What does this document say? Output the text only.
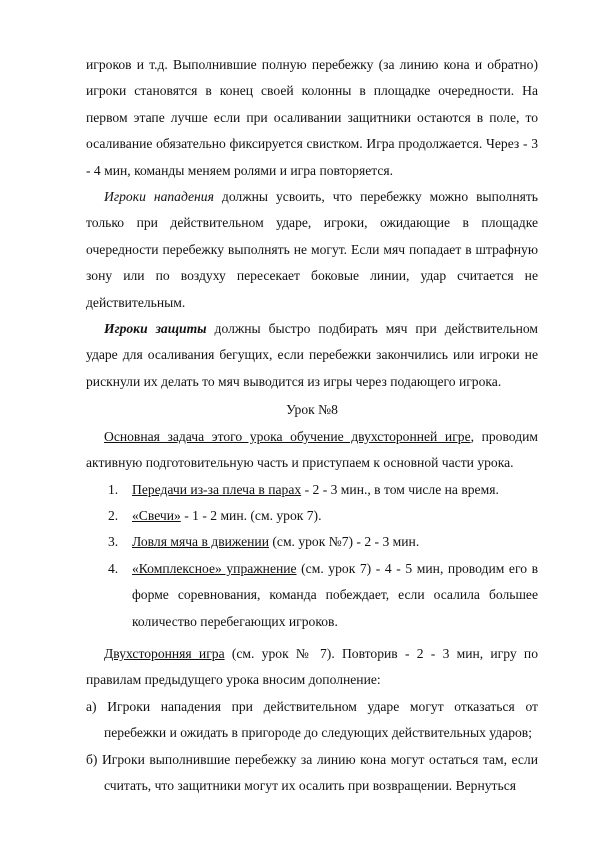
игроков и т.д. Выполнившие полную перебежку (за линию кона и обратно) игроки становятся в конец своей колонны в площадке очередности. На первом этапе лучше если при осаливании защитники остаются в поле, то осаливание обязательно фиксируется свистком. Игра продолжается. Через - 3 - 4 мин, команды меняем ролями и игра повторяется.

Игроки нападения должны усвоить, что перебежку можно выполнять только при действительном ударе, игроки, ожидающие в площадке очередности перебежку выполнять не могут. Если мяч попадает в штрафную зону или по воздуху пересекает боковые линии, удар считается не действительным.

Игроки защиты должны быстро подбирать мяч при действительном ударе для осаливания бегущих, если перебежки закончились или игроки не рискнули их делать то мяч выводится из игры через подающего игрока.

Урок №8

Основная задача этого урока обучение двухсторонней игре, проводим активную подготовительную часть и приступаем к основной части урока.

1. Передачи из-за плеча в парах - 2 - 3 мин., в том числе на время.
2. «Свечи» - 1 - 2 мин. (см. урок 7).
3. Ловля мяча в движении (см. урок №7) - 2 - 3 мин.
4. «Комплексное» упражнение (см. урок 7) - 4 - 5 мин, проводим его в форме соревнования, команда побеждает, если осалила большее количество перебегающих игроков.

Двухсторонняя игра (см. урок № 7). Повторив - 2 - 3 мин, игру по правилам предыдущего урока вносим дополнение:

а) Игроки нападения при действительном ударе могут отказаться от перебежки и ожидать в пригороде до следующих действительных ударов;

б) Игроки выполнившие перебежку за линию кона могут остаться там, если считать, что защитники могут их осалить при возвращении. Вернуться
